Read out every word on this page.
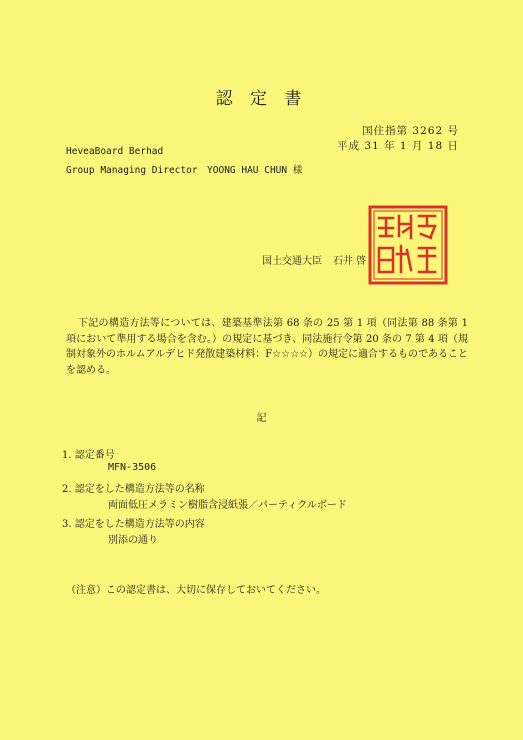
認 定 書
国住指第 3262 号
平成 31 年 1 月 18 日
HeveaBoard Berhad
Group Managing Director　YOONG HAU CHUN 様
国土交通大臣 石井 啓
下記の構造方法等については、建築基準法第 68 条の 25 第 1 項（同法第 88 条第 1 項において準用する場合を含む。）の規定に基づき、同法施行令第 20 条の 7 第 4 項（規制対象外のホルムアルデヒド発散建築材料：F☆☆☆☆）の規定に適合するものであることを認める。
記
1. 認定番号
MFN-3506
2. 認定をした構造方法等の名称
両面低圧メラミン樹脂含浸紙張／パーティクルボード
3. 認定をした構造方法等の内容
別添の通り
（注意）この認定書は、大切に保存しておいてください。
